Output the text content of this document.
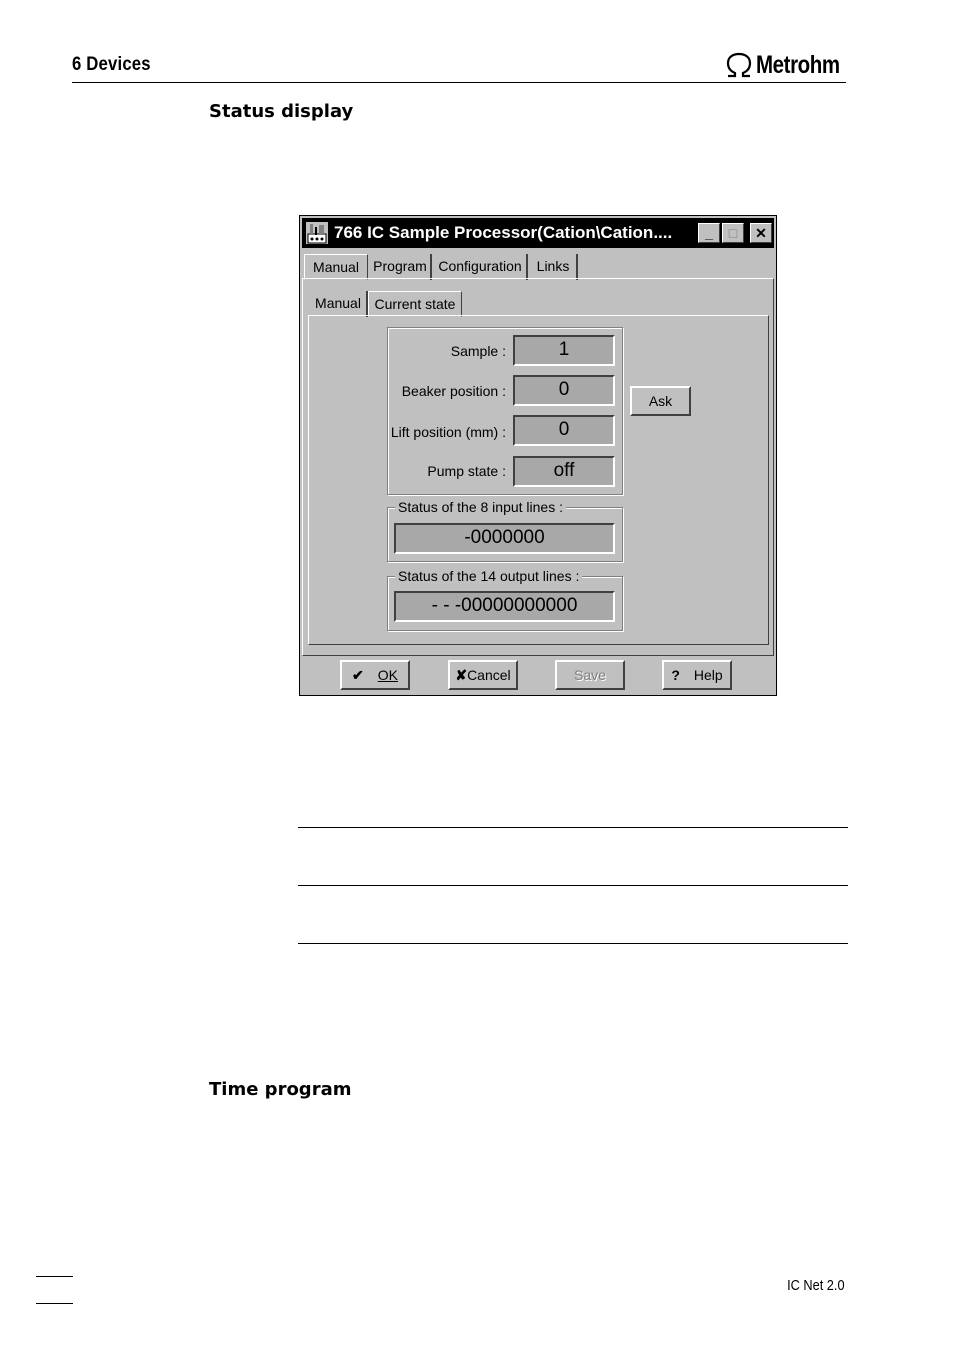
6 Devices	Metrohm
Status display
766 IC Sample Processor(Cation\Cation....	_	□	✕
Manual	Program Configuration	Links
Manual Current state
Sample :	1
Beaker position :	0
Lift position (mm) :	0
Pump state :	off
Ask
Status of the 8 input lines :
-0000000
Status of the 14 output lines :
- - -00000000000
✔ OK	✘Cancel	Save	? Help
Time program
IC Net 2.0
